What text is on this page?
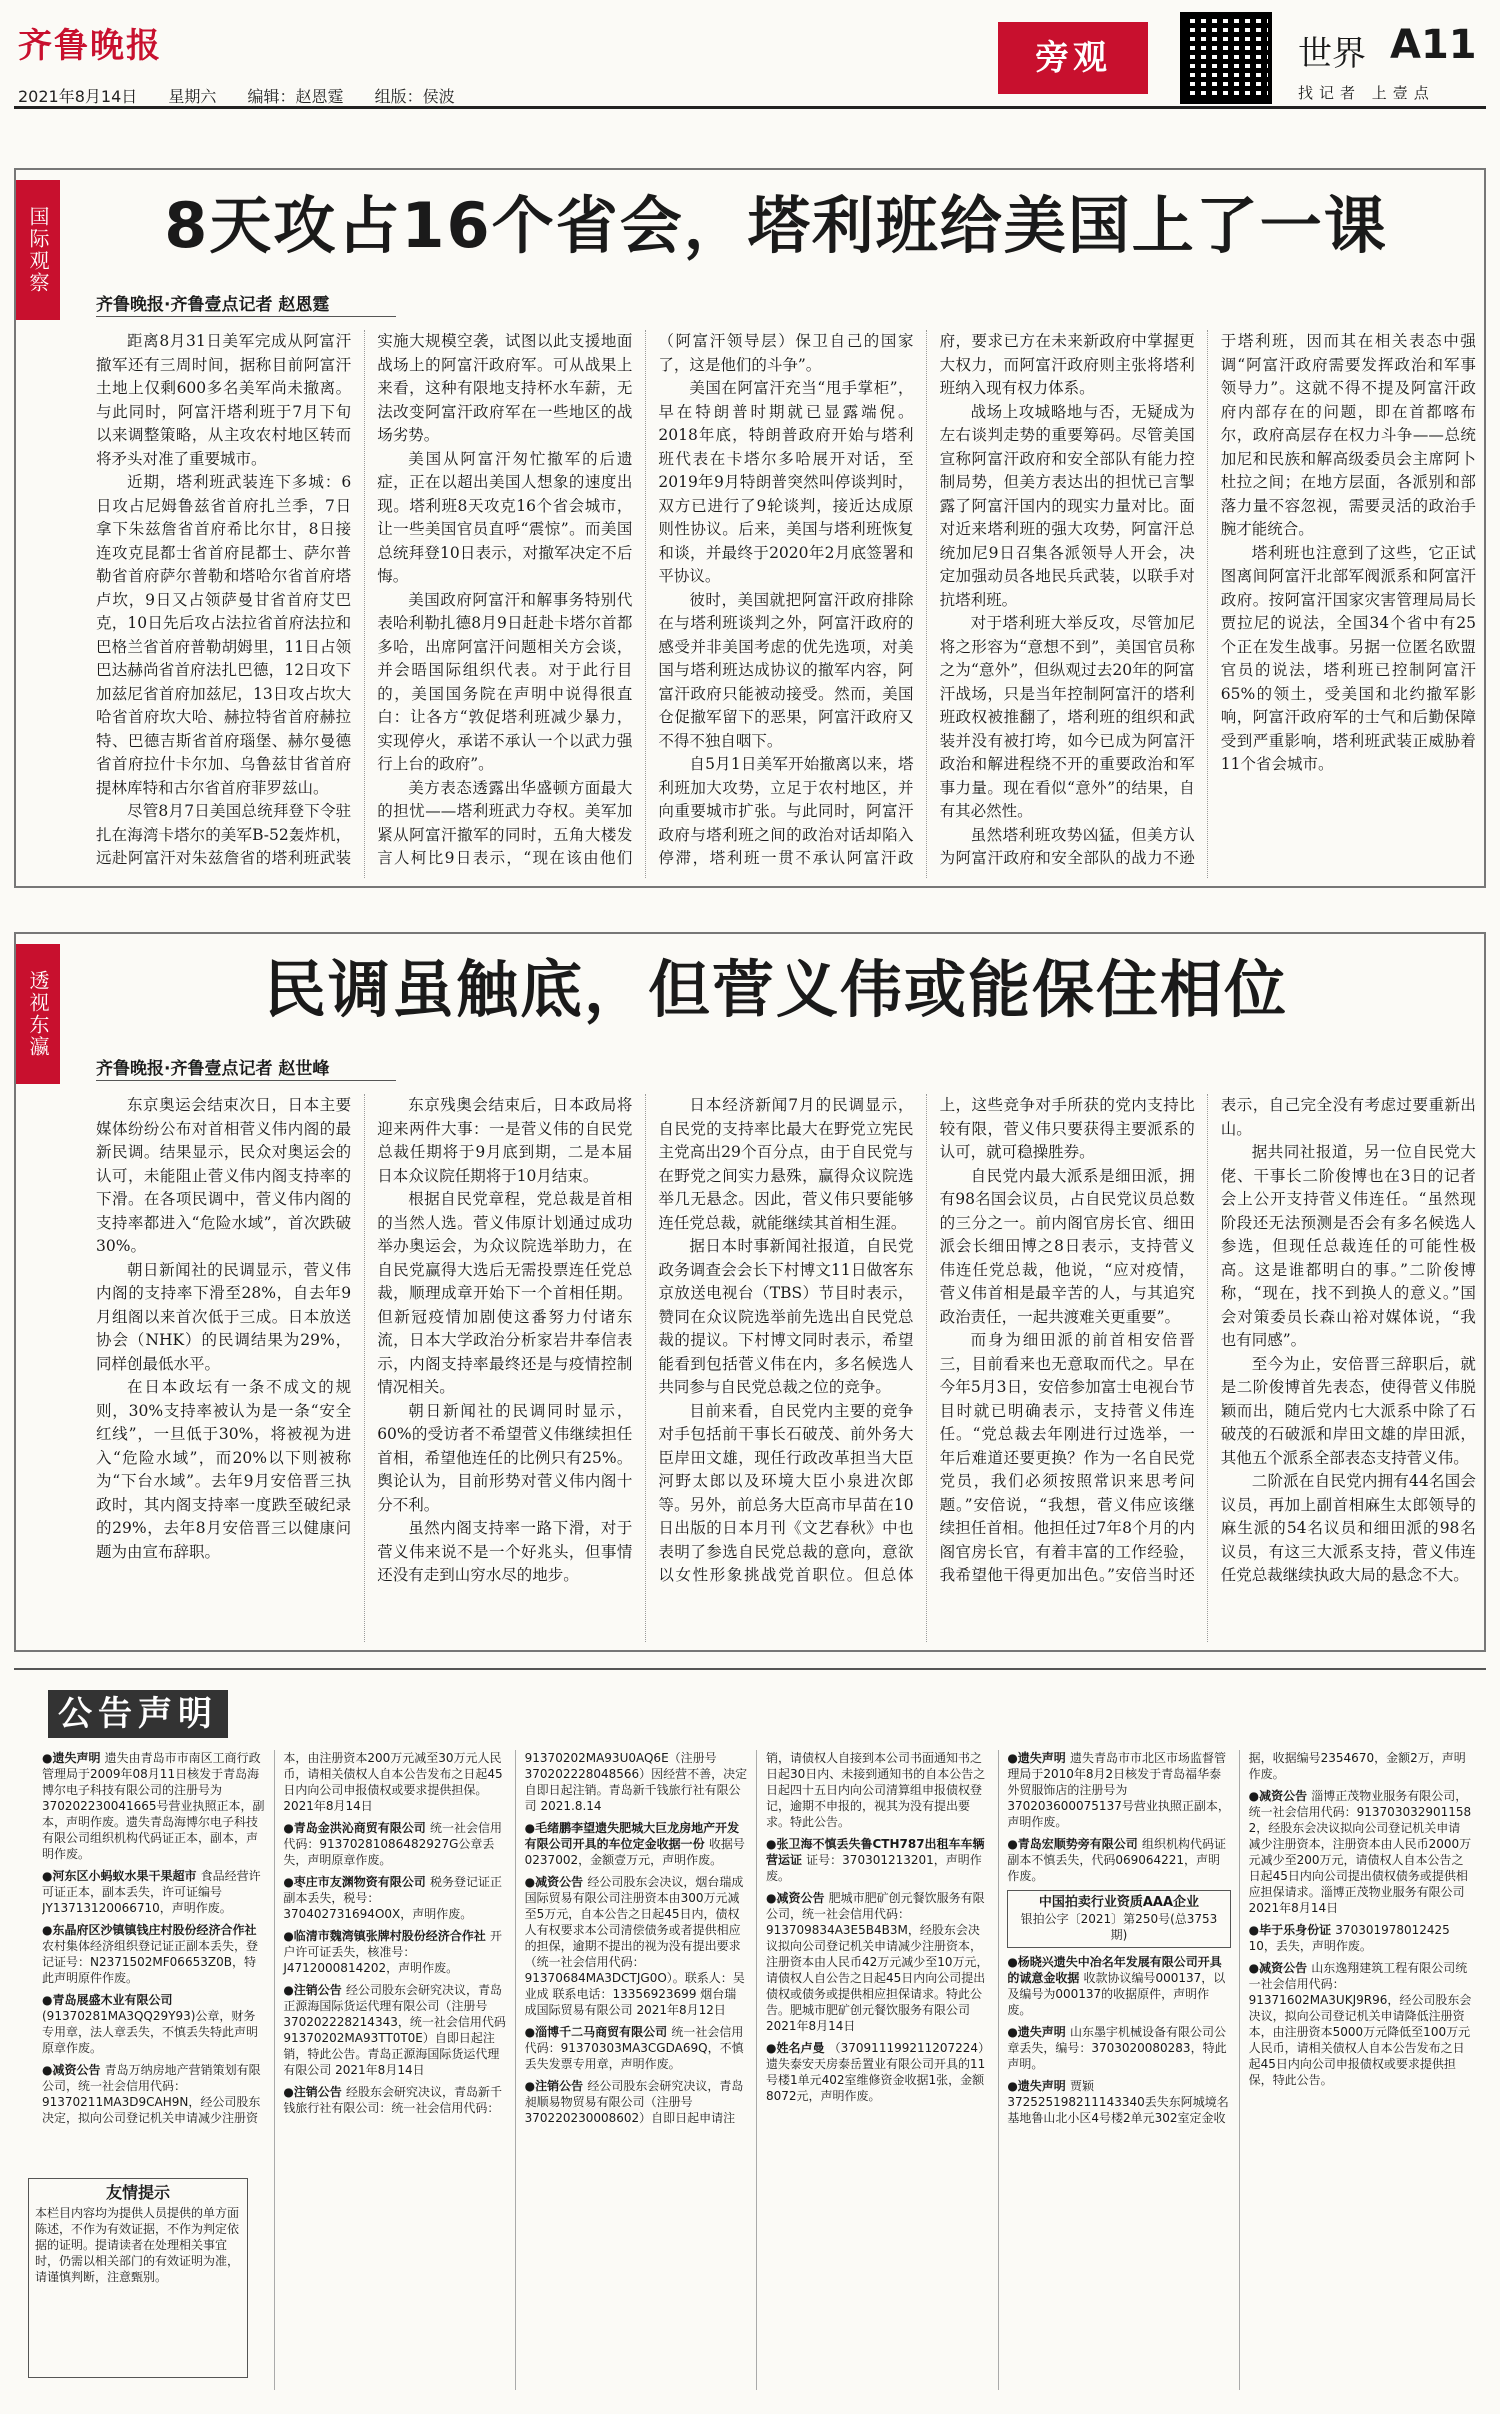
齐鲁晚报
2021年8月14日 星期六 编辑：赵恩霆 组版：侯波
旁观	世界 A11
找记者 上壹点
国际观察	8天攻占16个省会，塔利班给美国上了一课
齐鲁晚报·齐鲁壹点记者 赵恩霆

距离8月31日美军完成从阿富汗撤军还有三周时间，据称目前阿富汗土地上仅剩600多名美军尚未撤离。与此同时，阿富汗塔利班于7月下旬以来调整策略，从主攻农村地区转而将矛头对准了重要城市。

近期，塔利班武装连下多城：6日攻占尼姆鲁兹省首府扎兰季，7日拿下朱兹詹省首府希比尔甘，8日接连攻克昆都士省首府昆都士、萨尔普勒省首府萨尔普勒和塔哈尔省首府塔卢坎，9日又占领萨曼甘省首府艾巴克，10日先后攻占法拉省首府法拉和巴格兰省首府普勒胡姆里，11日占领巴达赫尚省首府法扎巴德，12日攻下加兹尼省首府加兹尼，13日攻占坎大哈省首府坎大哈、赫拉特省首府赫拉特、巴德吉斯省首府瑙堡、赫尔曼德省首府拉什卡尔加、乌鲁兹甘省首府提林库特和古尔省首府菲罗兹山。

尽管8月7日美国总统拜登下令驻扎在海湾卡塔尔的美军B-52轰炸机，远赴阿富汗对朱兹詹省的塔利班武装实施大规模空袭，试图以此支援地面战场上的阿富汗政府军。可从战果上来看，这种有限地支持杯水车薪，无法改变阿富汗政府军在一些地区的战场劣势。

美国从阿富汗匆忙撤军的后遗症，正在以超出美国人想象的速度出现。塔利班8天攻克16个省会城市，让一些美国官员直呼“震惊”。而美国总统拜登10日表示，对撤军决定不后悔。

美国政府阿富汗和解事务特别代表哈利勒扎德8月9日赶赴卡塔尔首都多哈，出席阿富汗问题相关方会谈，并会晤国际组织代表。对于此行目的，美国国务院在声明中说得很直白：让各方“敦促塔利班减少暴力，实现停火，承诺不承认一个以武力强行上台的政府”。

美方表态透露出华盛顿方面最大的担忧——塔利班武力夺权。美军加紧从阿富汗撤军的同时，五角大楼发言人柯比9日表示，“现在该由他们（阿富汗领导层）保卫自己的国家了，这是他们的斗争”。

美国在阿富汗充当“甩手掌柜”，早在特朗普时期就已显露端倪。2018年底，特朗普政府开始与塔利班代表在卡塔尔多哈展开对话，至2019年9月特朗普突然叫停谈判时，双方已进行了9轮谈判，接近达成原则性协议。后来，美国与塔利班恢复和谈，并最终于2020年2月底签署和平协议。

彼时，美国就把阿富汗政府排除在与塔利班谈判之外，阿富汗政府的感受并非美国考虑的优先选项，对美国与塔利班达成协议的撤军内容，阿富汗政府只能被动接受。然而，美国仓促撤军留下的恶果，阿富汗政府又不得不独自咽下。

自5月1日美军开始撤离以来，塔利班加大攻势，立足于农村地区，并向重要城市扩张。与此同时，阿富汗政府与塔利班之间的政治对话却陷入停滞，塔利班一贯不承认阿富汗政府，要求已方在未来新政府中掌握更大权力，而阿富汗政府则主张将塔利班纳入现有权力体系。

战场上攻城略地与否，无疑成为左右谈判走势的重要筹码。尽管美国宣称阿富汗政府和安全部队有能力控制局势，但美方表达出的担忧已言掣露了阿富汗国内的现实力量对比。面对近来塔利班的强大攻势，阿富汗总统加尼9日召集各派领导人开会，决定加强动员各地民兵武装，以联手对抗塔利班。

对于塔利班大举反攻，尽管加尼将之形容为“意想不到”，美国官员称之为“意外”，但纵观过去20年的阿富汗战场，只是当年控制阿富汗的塔利班政权被推翻了，塔利班的组织和武装并没有被打垮，如今已成为阿富汗政治和解进程绕不开的重要政治和军事力量。现在看似“意外”的结果，自有其必然性。

虽然塔利班攻势凶猛，但美方认为阿富汗政府和安全部队的战力不逊于塔利班，因而其在相关表态中强调“阿富汗政府需要发挥政治和军事领导力”。这就不得不提及阿富汗政府内部存在的问题，即在首都喀布尔，政府高层存在权力斗争——总统加尼和民族和解高级委员会主席阿卜杜拉之间；在地方层面，各派别和部落力量不容忽视，需要灵活的政治手腕才能统合。

塔利班也注意到了这些，它正试图离间阿富汗北部军阀派系和阿富汗政府。按阿富汗国家灾害管理局局长贾拉尼的说法，全国34个省中有25个正在发生战事。另据一位匿名欧盟官员的说法，塔利班已控制阿富汗65%的领土，受美国和北约撤军影响，阿富汗政府军的士气和后勤保障受到严重影响，塔利班武装正威胁着11个省会城市。

透视东瀛	民调虽触底，但菅义伟或能保住相位
齐鲁晚报·齐鲁壹点记者 赵世峰

东京奥运会结束次日，日本主要媒体纷纷公布对首相菅义伟内阁的最新民调。结果显示，民众对奥运会的认可，未能阻止菅义伟内阁支持率的下滑。在各项民调中，菅义伟内阁的支持率都进入“危险水域”，首次跌破30%。

朝日新闻社的民调显示，菅义伟内阁的支持率下滑至28%，自去年9月组阁以来首次低于三成。日本放送协会（NHK）的民调结果为29%，同样创最低水平。

在日本政坛有一条不成文的规则，30%支持率被认为是一条“安全红线”，一旦低于30%，将被视为进入“危险水域”，而20%以下则被称为“下台水域”。去年9月安倍晋三执政时，其内阁支持率一度跌至破纪录的29%，去年8月安倍晋三以健康问题为由宣布辞职。

东京残奥会结束后，日本政局将迎来两件大事：一是菅义伟的自民党总裁任期将于9月底到期，二是本届日本众议院任期将于10月结束。

根据自民党章程，党总裁是首相的当然人选。菅义伟原计划通过成功举办奥运会，为众议院选举助力，在自民党赢得大选后无需投票连任党总裁，顺理成章开始下一个首相任期。但新冠疫情加剧使这番努力付诸东流，日本大学政治分析家岩井奉信表示，内阁支持率最终还是与疫情控制情况相关。

朝日新闻社的民调同时显示，60%的受访者不希望菅义伟继续担任首相，希望他连任的比例只有25%。舆论认为，目前形势对菅义伟内阁十分不利。

虽然内阁支持率一路下滑，对于菅义伟来说不是一个好兆头，但事情还没有走到山穷水尽的地步。

日本经济新闻7月的民调显示，自民党的支持率比最大在野党立宪民主党高出29个百分点，由于自民党与在野党之间实力悬殊，赢得众议院选举几无悬念。因此，菅义伟只要能够连任党总裁，就能继续其首相生涯。

据日本时事新闻社报道，自民党政务调查会会长下村博文11日做客东京放送电视台（TBS）节目时表示，赞同在众议院选举前先选出自民党总裁的提议。下村博文同时表示，希望能看到包括菅义伟在内，多名候选人共同参与自民党总裁之位的竞争。

目前来看，自民党内主要的竞争对手包括前干事长石破茂、前外务大臣岸田文雄，现任行政改革担当大臣河野太郎以及环境大臣小泉进次郎等。另外，前总务大臣高市早苗在10日出版的日本月刊《文艺春秋》中也表明了参选自民党总裁的意向，意欲以女性形象挑战党首职位。但总体上，这些竞争对手所获的党内支持比较有限，菅义伟只要获得主要派系的认可，就可稳操胜券。

自民党内最大派系是细田派，拥有98名国会议员，占自民党议员总数的三分之一。前内阁官房长官、细田派会长细田博之8日表示，支持菅义伟连任党总裁，他说，“应对疫情，菅义伟首相是最辛苦的人，与其追究政治责任，一起共渡难关更重要”。

而身为细田派的前首相安倍晋三，目前看来也无意取而代之。早在今年5月3日，安倍参加富士电视台节目时就已明确表示，支持菅义伟连任。“党总裁去年刚进行过选举，一年后难道还要更换？作为一名自民党党员，我们必须按照常识来思考问题。”安倍说，“我想，菅义伟应该继续担任首相。他担任过7年8个月的内阁官房长官，有着丰富的工作经验，我希望他干得更加出色。”安倍当时还表示，自己完全没有考虑过要重新出山。

据共同社报道，另一位自民党大佬、干事长二阶俊博也在3日的记者会上公开支持菅义伟连任。“虽然现阶段还无法预测是否会有多名候选人参选，但现任总裁连任的可能性极高。这是谁都明白的事。”二阶俊博称，“现在，找不到换人的意义。”国会对策委员长森山裕对媒体说，“我也有同感”。

至今为止，安倍晋三辞职后，就是二阶俊博首先表态，使得菅义伟脱颖而出，随后党内七大派系中除了石破茂的石破派和岸田文雄的岸田派，其他五个派系全部表态支持菅义伟。

二阶派在自民党内拥有44名国会议员，再加上副首相麻生太郎领导的麻生派的54名议员和细田派的98名议员，有这三大派系支持，菅义伟连任党总裁继续执政大局的悬念不大。

公告声明

●遗失声明 遗失由青岛市市南区工商行政管理局于2009年08月11日核发于青岛海博尔电子科技有限公司的注册号为370202230041665号营业执照正本，副本，声明作废。遗失青岛海博尔电子科技有限公司组织机构代码证正本，副本，声明作废。

●河东区小蚂蚁水果干果超市 食品经营许可证正本，副本丢失，许可证编号JY13713120066710，声明作废。

●东晶府区沙镇镇钱庄村股份经济合作社 农村集体经济组织登记证正副本丢失，登记证号：N2371502MF06653Z0B，特此声明原件作废。

●青岛展盛木业有限公司 (91370281MA3QQ29Y93)公章，财务专用章，法人章丢失，不慎丢失特此声明原章作废。

●减资公告 青岛万纳房地产营销策划有限公司，统一社会信用代码：91370211MA3D9CAH9N，经公司股东决定，拟向公司登记机关申请减少注册资本，由注册资本200万元减至30万元人民币，请相关债权人自本公告发布之日起45日内向公司申报债权或要求提供担保。2021年8月14日

●青岛金洪沁商贸有限公司 统一社会信用代码：91370281086482927G公章丢失，声明原章作废。

●枣庄市友渊物资有限公司 税务登记证正副本丢失，税号：370402731694O0X，声明作废。

●临清市魏湾镇张牌村股份经济合作社 开户许可证丢失，核准号：J4712000814202，声明作废。

●注销公告 经公司股东会研究决议，青岛正源海国际货运代理有限公司（注册号370202228214343，统一社会信用代码91370202MA93TT0T0E）自即日起注销，特此公告。青岛正源海国际货运代理有限公司 2021年8月14日

●注销公告 经股东会研究决议，青岛新千钱旅行社有限公司：统一社会信用代码：91370202MA93U0AQ6E（注册号370202228048566）因经营不善，决定自即日起注销。青岛新千钱旅行社有限公司 2021.8.14

●毛绪鹏李望遗失肥城大巨龙房地产开发有限公司开具的车位定金收据一份 收据号0237002，金额壹万元，声明作废。

●减资公告 经公司股东会决议，烟台瑞成国际贸易有限公司注册资本由300万元减至5万元，自本公告之日起45日内，债权人有权要求本公司清偿债务或者提供相应的担保，逾期不提出的视为没有提出要求（统一社会信用代码：91370684MA3DCTJG0O）。联系人：吴业成 联系电话：13356923699 烟台瑞成国际贸易有限公司 2021年8月12日

●淄博千二马商贸有限公司 统一社会信用代码：91370303MA3CGDA69Q，不慎丢失发票专用章，声明作废。

●注销公告 经公司股东会研究决议，青岛昶顺易物贸易有限公司（注册号370220230008602）自即日起申请注销，请债权人自接到本公司书面通知书之日起30日内、未接到通知书的自本公告之日起四十五日内向公司清算组申报债权登记，逾期不申报的，视其为没有提出要求。特此公告。

●张卫海不慎丢失鲁CTH787出租车车辆营运证 证号：370301213201，声明作废。

●减资公告 肥城市肥矿创元餐饮服务有限公司，统一社会信用代码：913709834A3E5B4B3M，经股东会决议拟向公司登记机关申请减少注册资本，注册资本由人民币42万元减少至10万元，请债权人自公告之日起45日内向公司提出债权或债务或提供相应担保请求。特此公告。肥城市肥矿创元餐饮服务有限公司 2021年8月14日

●姓名卢曼 （370911199211207224）遗失泰安天房泰岳置业有限公司开具的11号楼1单元402室维修资金收据1张，金额8072元，声明作废。

●遗失声明 遗失青岛市市北区市场监督管理局于2010年8月2日核发于青岛福华泰外贸服饰店的注册号为370203600075137号营业执照正副本，声明作废。

●青岛宏顺势旁有限公司 组织机构代码证副本不慎丢失，代码069064221，声明作废。

中国拍卖行业资质AAA企业
银拍公字〔2021〕第250号(总3753期)

●杨晓兴遗失中冶名年发展有限公司开具的诚意金收据 收款协议编号000137，以及编号为000137的收据原件，声明作废。

●遗失声明 山东墨宇机械设备有限公司公章丢失，编号：3703020080283，特此声明。

●遗失声明 贾颖372525198211143340丢失东阿城境名基地鲁山北小区4号楼2单元302室定金收据，收据编号2354670，金额2万，声明作废。

●减资公告 淄博正茂物业服务有限公司，统一社会信用代码：913703032901158 2，经股东会决议拟向公司登记机关申请减少注册资本，注册资本由人民币2000万元减少至200万元，请债权人自本公告之日起45日内向公司提出债权债务或提供相应担保请求。淄博正茂物业服务有限公司 2021年8月14日

●毕于乐身份证 370301978012425 10，丢失，声明作废。

●减资公告 山东逸翔建筑工程有限公司统一社会信用代码：91371602MA3UKJ9R96，经公司股东会决议，拟向公司登记机关申请降低注册资本，由注册资本5000万元降低至100万元人民币，请相关债权人自本公告发布之日起45日内向公司申报债权或要求提供担保，特此公告。

友情提示
本栏目内容均为提供人员提供的单方面陈述，不作为有效证据，不作为判定依据的证明。提请读者在处理相关事宜时，仍需以相关部门的有效证明为准，请谨慎判断，注意甄别。
